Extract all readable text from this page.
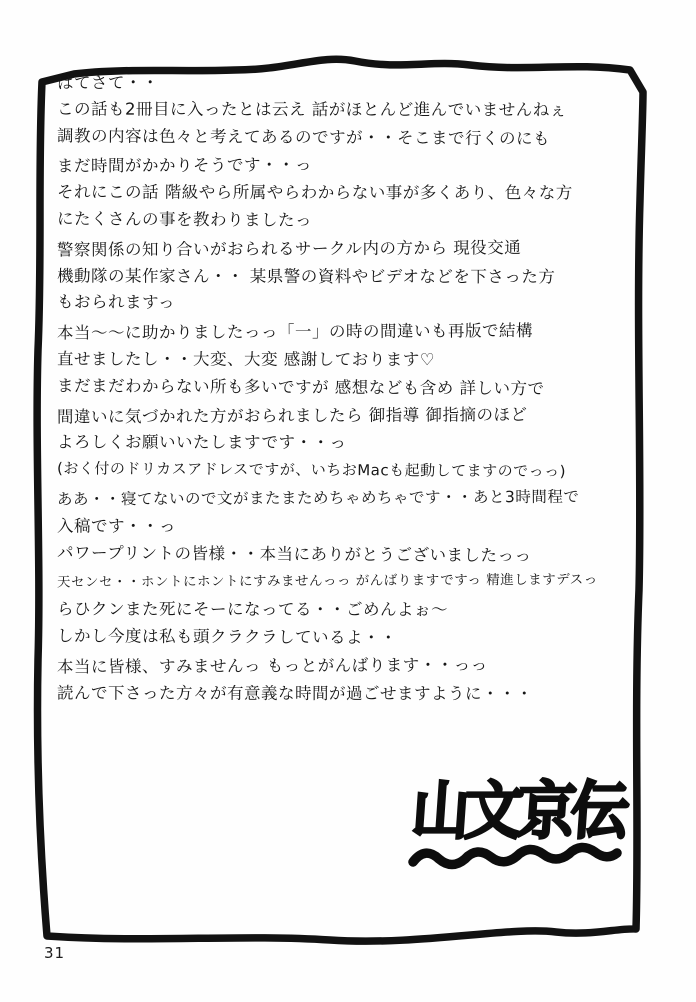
はてさて・・

この話も2冊目に入ったとは云え 話がほとんど進んでいませんねぇ

調教の内容は色々と考えてあるのですが・・そこまで行くのにも

まだ時間がかかりそうです・・っ

それにこの話 階級やら所属やらわからない事が多くあり、色々な方

にたくさんの事を教わりましたっ

警察関係の知り合いがおられるサークル内の方から 現役交通

機動隊の某作家さん・・ 某県警の資料やビデオなどを下さった方

もおられますっ

本当〜〜に助かりましたっっ「一」の時の間違いも再版で結構

直せましたし・・大変、大変 感謝しております♡

まだまだわからない所も多いですが 感想なども含め 詳しい方で

間違いに気づかれた方がおられましたら 御指導 御指摘のほど

よろしくお願いいたしますです・・っ

(おく付のドリカスアドレスですが、いちおMacも起動してますのでっっ)

ああ・・寝てないので文がまたまためちゃめちゃです・・あと3時間程で

入稿です・・っ

パワープリントの皆様・・本当にありがとうございましたっっ

天センセ・・ホントにホントにすみませんっっ がんばりますですっ 精進しますデスっ

らひクンまた死にそーになってる・・ごめんよぉ〜

しかし今度は私も頭クラクラしているよ・・

本当に皆様、すみませんっ もっとがんばります・・っっ

読んで下さった方々が有意義な時間が過ごせますように・・・

山文京伝
31
